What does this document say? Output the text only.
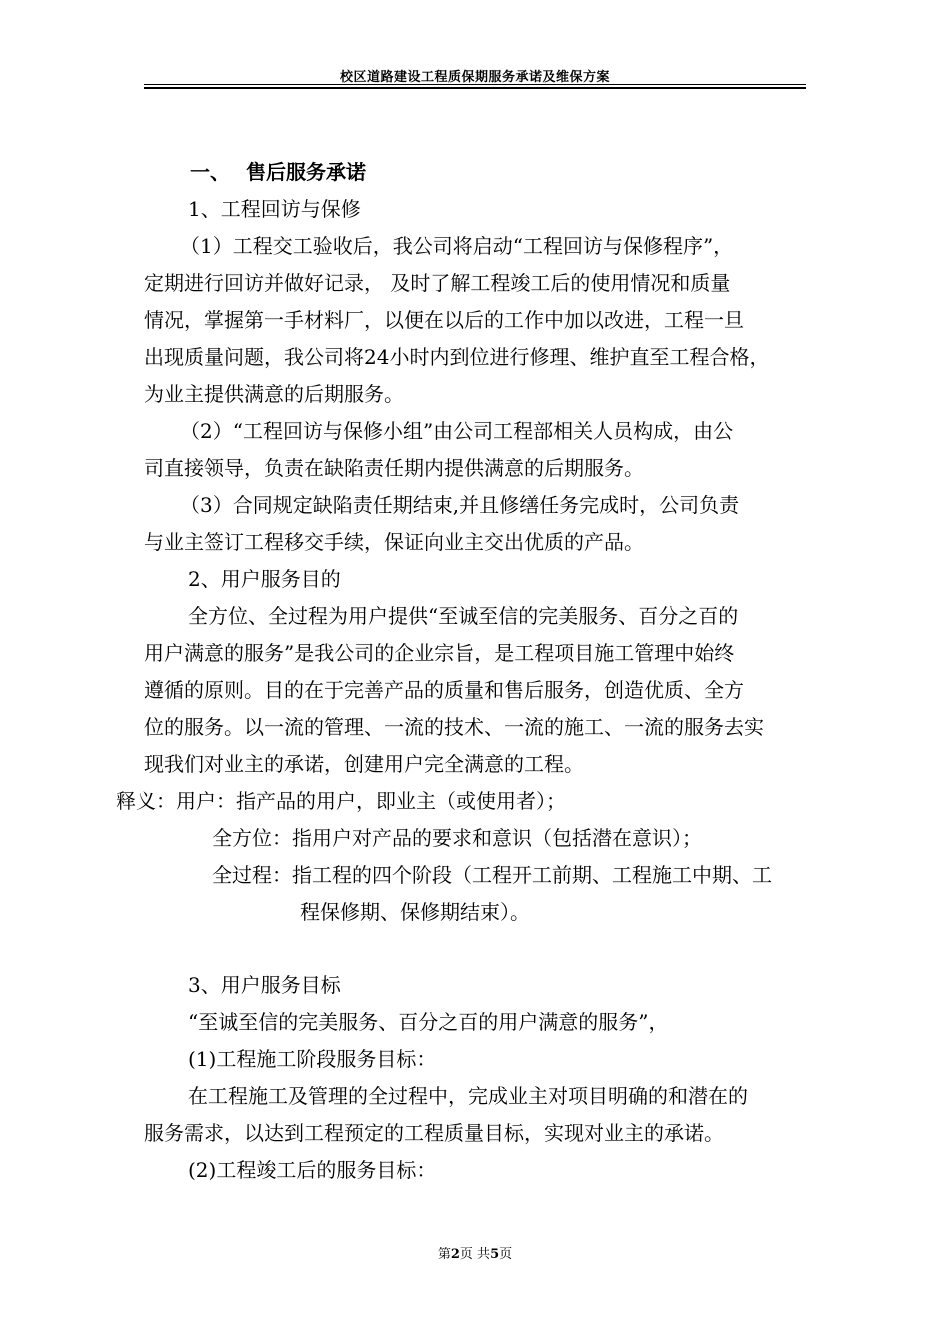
校区道路建设工程质保期服务承诺及维保方案
一、 售后服务承诺
1、工程回访与保修
（1）工程交工验收后，我公司将启动“工程回访与保修程序”，
定期进行回访并做好记录， 及时了解工程竣工后的使用情况和质量
情况，掌握第一手材料厂，以便在以后的工作中加以改进，工程一旦
出现质量问题，我公司将24小时内到位进行修理、维护直至工程合格，
为业主提供满意的后期服务。
（2）“工程回访与保修小组”由公司工程部相关人员构成，由公
司直接领导，负责在缺陷责任期内提供满意的后期服务。
（3）合同规定缺陷责任期结束,并且修缮任务完成时，公司负责
与业主签订工程移交手续，保证向业主交出优质的产品。
2、用户服务目的
全方位、全过程为用户提供“至诚至信的完美服务、百分之百的
用户满意的服务”是我公司的企业宗旨，是工程项目施工管理中始终
遵循的原则。目的在于完善产品的质量和售后服务，创造优质、全方
位的服务。以一流的管理、一流的技术、一流的施工、一流的服务去实
现我们对业主的承诺，创建用户完全满意的工程。
释义：用户：指产品的用户，即业主（或使用者）；
全方位：指用户对产品的要求和意识（包括潜在意识）；
全过程：指工程的四个阶段（工程开工前期、工程施工中期、工
程保修期、保修期结束）。
3、用户服务目标
“至诚至信的完美服务、百分之百的用户满意的服务”，
(1)工程施工阶段服务目标：
在工程施工及管理的全过程中，完成业主对项目明确的和潜在的
服务需求，以达到工程预定的工程质量目标，实现对业主的承诺。
(2)工程竣工后的服务目标：
第2页 共5页
